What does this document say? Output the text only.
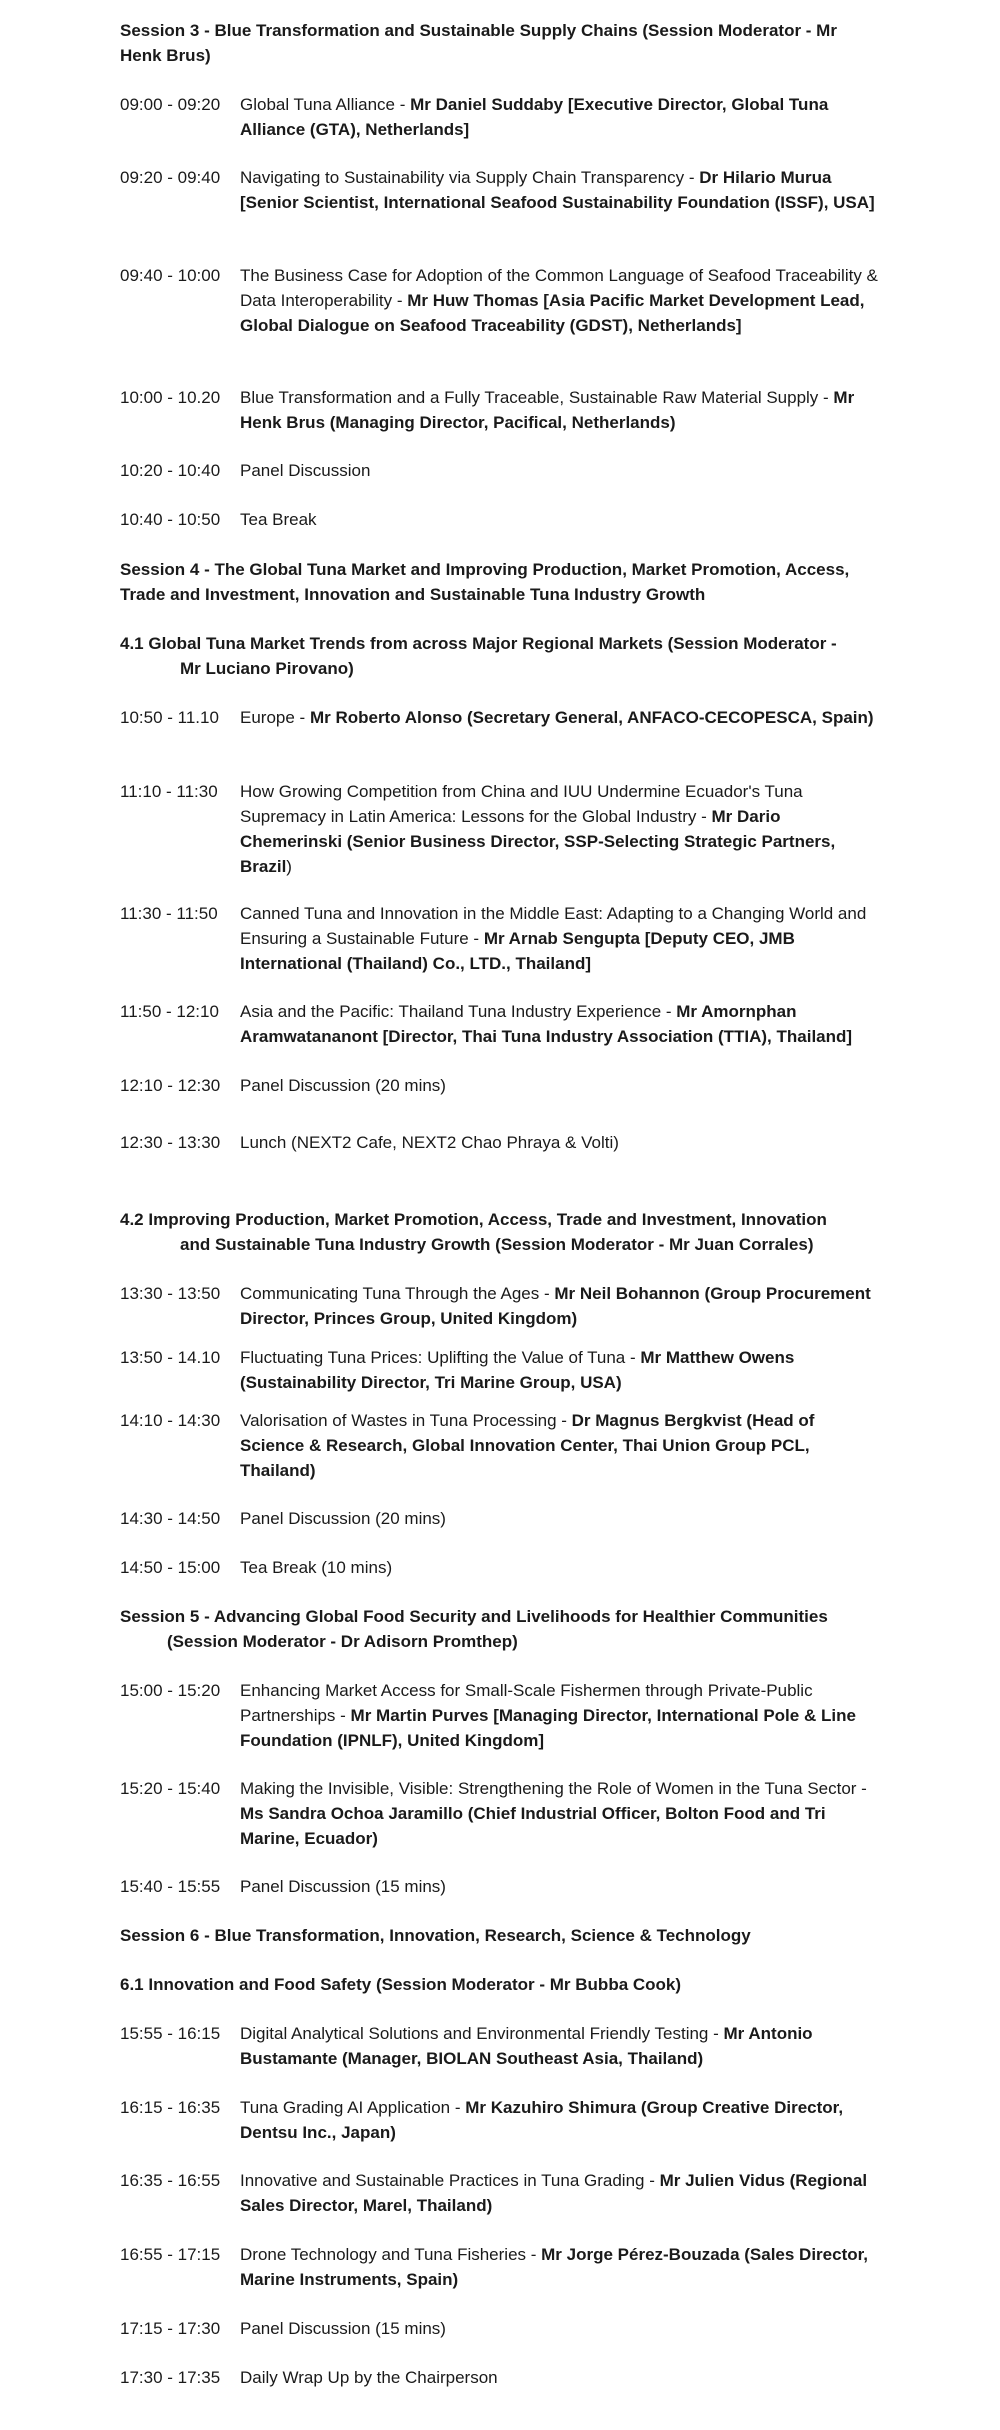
Session 3 - Blue Transformation and Sustainable Supply Chains (Session Moderator - Mr Henk Brus)
09:00 - 09:20	Global Tuna Alliance - Mr Daniel Suddaby [Executive Director, Global Tuna Alliance (GTA), Netherlands]
09:20 - 09:40	Navigating to Sustainability via Supply Chain Transparency - Dr Hilario Murua [Senior Scientist, International Seafood Sustainability Foundation (ISSF), USA]
09:40 - 10:00	The Business Case for Adoption of the Common Language of Seafood Traceability & Data Interoperability - Mr Huw Thomas [Asia Pacific Market Development Lead, Global Dialogue on Seafood Traceability (GDST), Netherlands]
10:00 - 10.20	Blue Transformation and a Fully Traceable, Sustainable Raw Material Supply - Mr Henk Brus (Managing Director, Pacifical, Netherlands)
10:20 - 10:40	Panel Discussion
10:40 - 10:50	Tea Break
Session 4 - The Global Tuna Market and Improving Production, Market Promotion, Access, Trade and Investment, Innovation and Sustainable Tuna Industry Growth
4.1 Global Tuna Market Trends from across Major Regional Markets (Session Moderator -
Mr Luciano Pirovano)
10:50 - 11.10	Europe - Mr Roberto Alonso (Secretary General, ANFACO-CECOPESCA, Spain)
11:10 - 11:30	How Growing Competition from China and IUU Undermine Ecuador's Tuna Supremacy in Latin America: Lessons for the Global Industry - Mr Dario Chemerinski (Senior Business Director, SSP-Selecting Strategic Partners, Brazil)
11:30 - 11:50	Canned Tuna and Innovation in the Middle East: Adapting to a Changing World and Ensuring a Sustainable Future - Mr Arnab Sengupta [Deputy CEO, JMB International (Thailand) Co., LTD., Thailand]
11:50 - 12:10	Asia and the Pacific: Thailand Tuna Industry Experience - Mr Amornphan Aramwatananont [Director, Thai Tuna Industry Association (TTIA), Thailand]
12:10 - 12:30	Panel Discussion (20 mins)
12:30 - 13:30	Lunch (NEXT2 Cafe, NEXT2 Chao Phraya & Volti)
4.2 Improving Production, Market Promotion, Access, Trade and Investment, Innovation
and Sustainable Tuna Industry Growth (Session Moderator - Mr Juan Corrales)
13:30 - 13:50	Communicating Tuna Through the Ages - Mr Neil Bohannon (Group Procurement Director, Princes Group, United Kingdom)
13:50 - 14.10	Fluctuating Tuna Prices: Uplifting the Value of Tuna - Mr Matthew Owens (Sustainability Director, Tri Marine Group, USA)
14:10 - 14:30	Valorisation of Wastes in Tuna Processing - Dr Magnus Bergkvist (Head of Science & Research, Global Innovation Center, Thai Union Group PCL, Thailand)
14:30 - 14:50	Panel Discussion (20 mins)
14:50 - 15:00	Tea Break (10 mins)
Session 5 - Advancing Global Food Security and Livelihoods for Healthier Communities
(Session Moderator - Dr Adisorn Promthep)
15:00 - 15:20	Enhancing Market Access for Small-Scale Fishermen through Private-Public Partnerships - Mr Martin Purves [Managing Director, International Pole & Line Foundation (IPNLF), United Kingdom]
15:20 - 15:40	Making the Invisible, Visible: Strengthening the Role of Women in the Tuna Sector - Ms Sandra Ochoa Jaramillo (Chief Industrial Officer, Bolton Food and Tri Marine, Ecuador)
15:40 - 15:55	Panel Discussion (15 mins)
Session 6 - Blue Transformation, Innovation, Research, Science & Technology
6.1 Innovation and Food Safety (Session Moderator - Mr Bubba Cook)
15:55 - 16:15	Digital Analytical Solutions and Environmental Friendly Testing - Mr Antonio Bustamante (Manager, BIOLAN Southeast Asia, Thailand)
16:15 - 16:35	Tuna Grading AI Application - Mr Kazuhiro Shimura (Group Creative Director, Dentsu Inc., Japan)
16:35 - 16:55	Innovative and Sustainable Practices in Tuna Grading - Mr Julien Vidus (Regional Sales Director, Marel, Thailand)
16:55 - 17:15	Drone Technology and Tuna Fisheries - Mr Jorge Pérez-Bouzada (Sales Director, Marine Instruments, Spain)
17:15 - 17:30	Panel Discussion (15 mins)
17:30 - 17:35	Daily Wrap Up by the Chairperson
